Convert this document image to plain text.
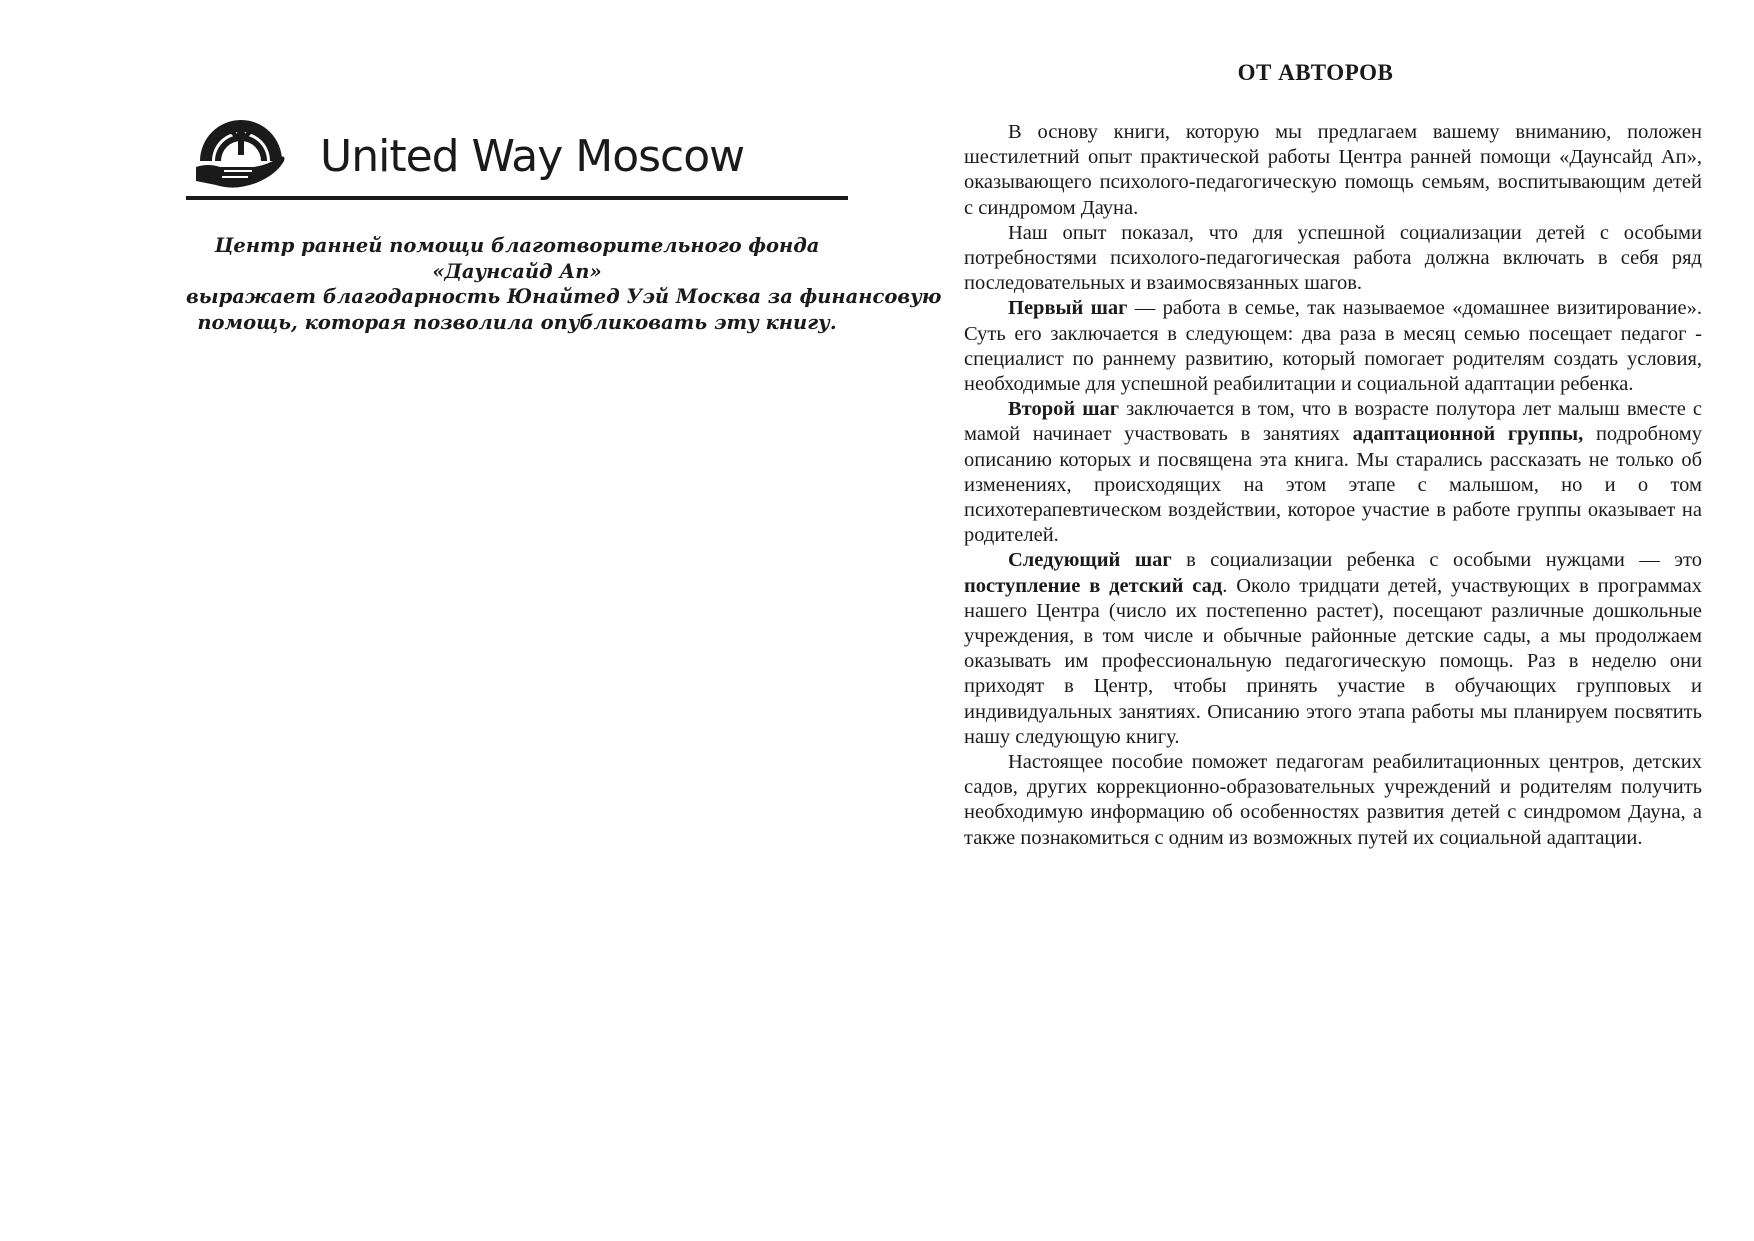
United Way Moscow
Центр ранней помощи благотворительного фонда
«Даунсайд Ап»
выражает благодарность Юнайтед Уэй Москва за финансовую
помощь, которая позволила опубликовать эту книгу.
ОТ АВТОРОВ

В основу книги, которую мы предлагаем вашему вниманию, положен шестилетний опыт практической работы Центра ранней помощи «Даунсайд Ап», оказывающего психолого-педагогическую помощь семьям, воспитывающим детей с синдромом Дауна.

Наш опыт показал, что для успешной социализации детей с особыми потребностями психолого-педагогическая работа должна включать в себя ряд последовательных и взаимосвязанных шагов.

Первый шаг — работа в семье, так называемое «домашнее визитирование». Суть его заключается в следующем: два раза в месяц семью посещает педагог - специалист по раннему развитию, который помогает родителям создать условия, необходимые для успешной реабилитации и социальной адаптации ребенка.

Второй шаг заключается в том, что в возрасте полутора лет малыш вместе с мамой начинает участвовать в занятиях адаптационной группы, подробному описанию которых и посвящена эта книга. Мы старались рассказать не только об изменениях, происходящих на этом этапе с малышом, но и о том психотерапевтическом воздействии, которое участие в работе группы оказывает на родителей.

Следующий шаг в социализации ребенка с особыми нужцами — это поступление в детский сад. Около тридцати детей, участвующих в программах нашего Центра (число их постепенно растет), посещают различные дошкольные учреждения, в том числе и обычные районные детские сады, а мы продолжаем оказывать им профессиональную педагогическую помощь. Раз в неделю они приходят в Центр, чтобы принять участие в обучающих групповых и индивидуальных занятиях. Описанию этого этапа работы мы планируем посвятить нашу следующую книгу.

Настоящее пособие поможет педагогам реабилитационных центров, детских садов, других коррекционно-образовательных учреждений и родителям получить необходимую информацию об особенностях развития детей с синдромом Дауна, а также познакомиться с одним из возможных путей их социальной адаптации.
